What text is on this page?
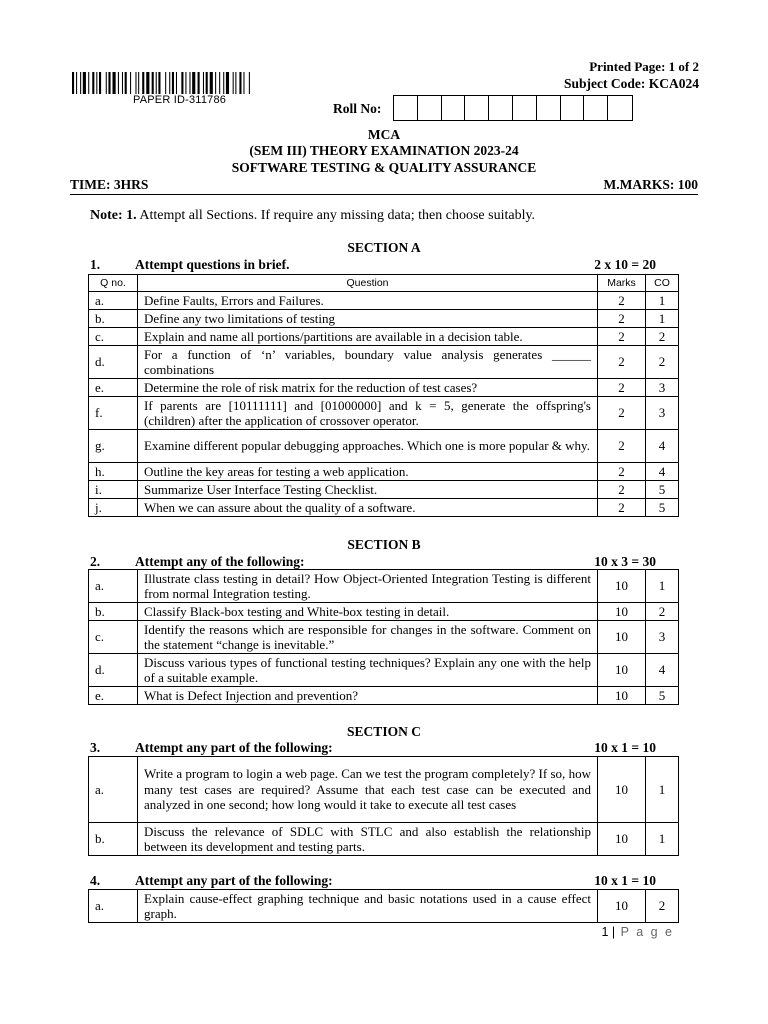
PAPER ID-311786
Printed Page: 1 of 2
Subject Code: KCA024
Roll No:
MCA
(SEM III) THEORY EXAMINATION 2023-24
SOFTWARE TESTING & QUALITY ASSURANCE
TIME: 3HRS	M.MARKS: 100
Note: 1. Attempt all Sections. If require any missing data; then choose suitably.
SECTION A
1.	Attempt questions in brief.	2 x 10 = 20
Q no.	Question	Marks	CO
a.	Define Faults, Errors and Failures.	2	1
b.	Define any two limitations of testing	2	1
c.	Explain and name all portions/partitions are available in a decision table.	2	2
d.	For a function of ‘n’ variables, boundary value analysis generates ______ combinations	2	2
e.	Determine the role of risk matrix for the reduction of test cases?	2	3
f.	If parents are [10111111] and [01000000] and k = 5, generate the offspring's (children) after the application of crossover operator.	2	3
g.	Examine different popular debugging approaches. Which one is more popular & why.	2	4
h.	Outline the key areas for testing a web application.	2	4
i.	Summarize User Interface Testing Checklist.	2	5
j.	When we can assure about the quality of a software.	2	5
SECTION B
2.	Attempt any of the following:	10 x 3 = 30
a.	Illustrate class testing in detail? How Object-Oriented Integration Testing is different from normal Integration testing.	10	1
b.	Classify Black-box testing and White-box testing in detail.	10	2
c.	Identify the reasons which are responsible for changes in the software. Comment on the statement “change is inevitable.”	10	3
d.	Discuss various types of functional testing techniques? Explain any one with the help of a suitable example.	10	4
e.	What is Defect Injection and prevention?	10	5
SECTION C
3.	Attempt any part of the following:	10 x 1 = 10
a.	Write a program to login a web page. Can we test the program completely? If so, how many test cases are required? Assume that each test case can be executed and analyzed in one second; how long would it take to execute all test cases	10	1
b.	Discuss the relevance of SDLC with STLC and also establish the relationship between its development and testing parts.	10	1
4.	Attempt any part of the following:	10 x 1 = 10
a.	Explain cause-effect graphing technique and basic notations used in a cause effect graph.	10	2
1 | P a g e
